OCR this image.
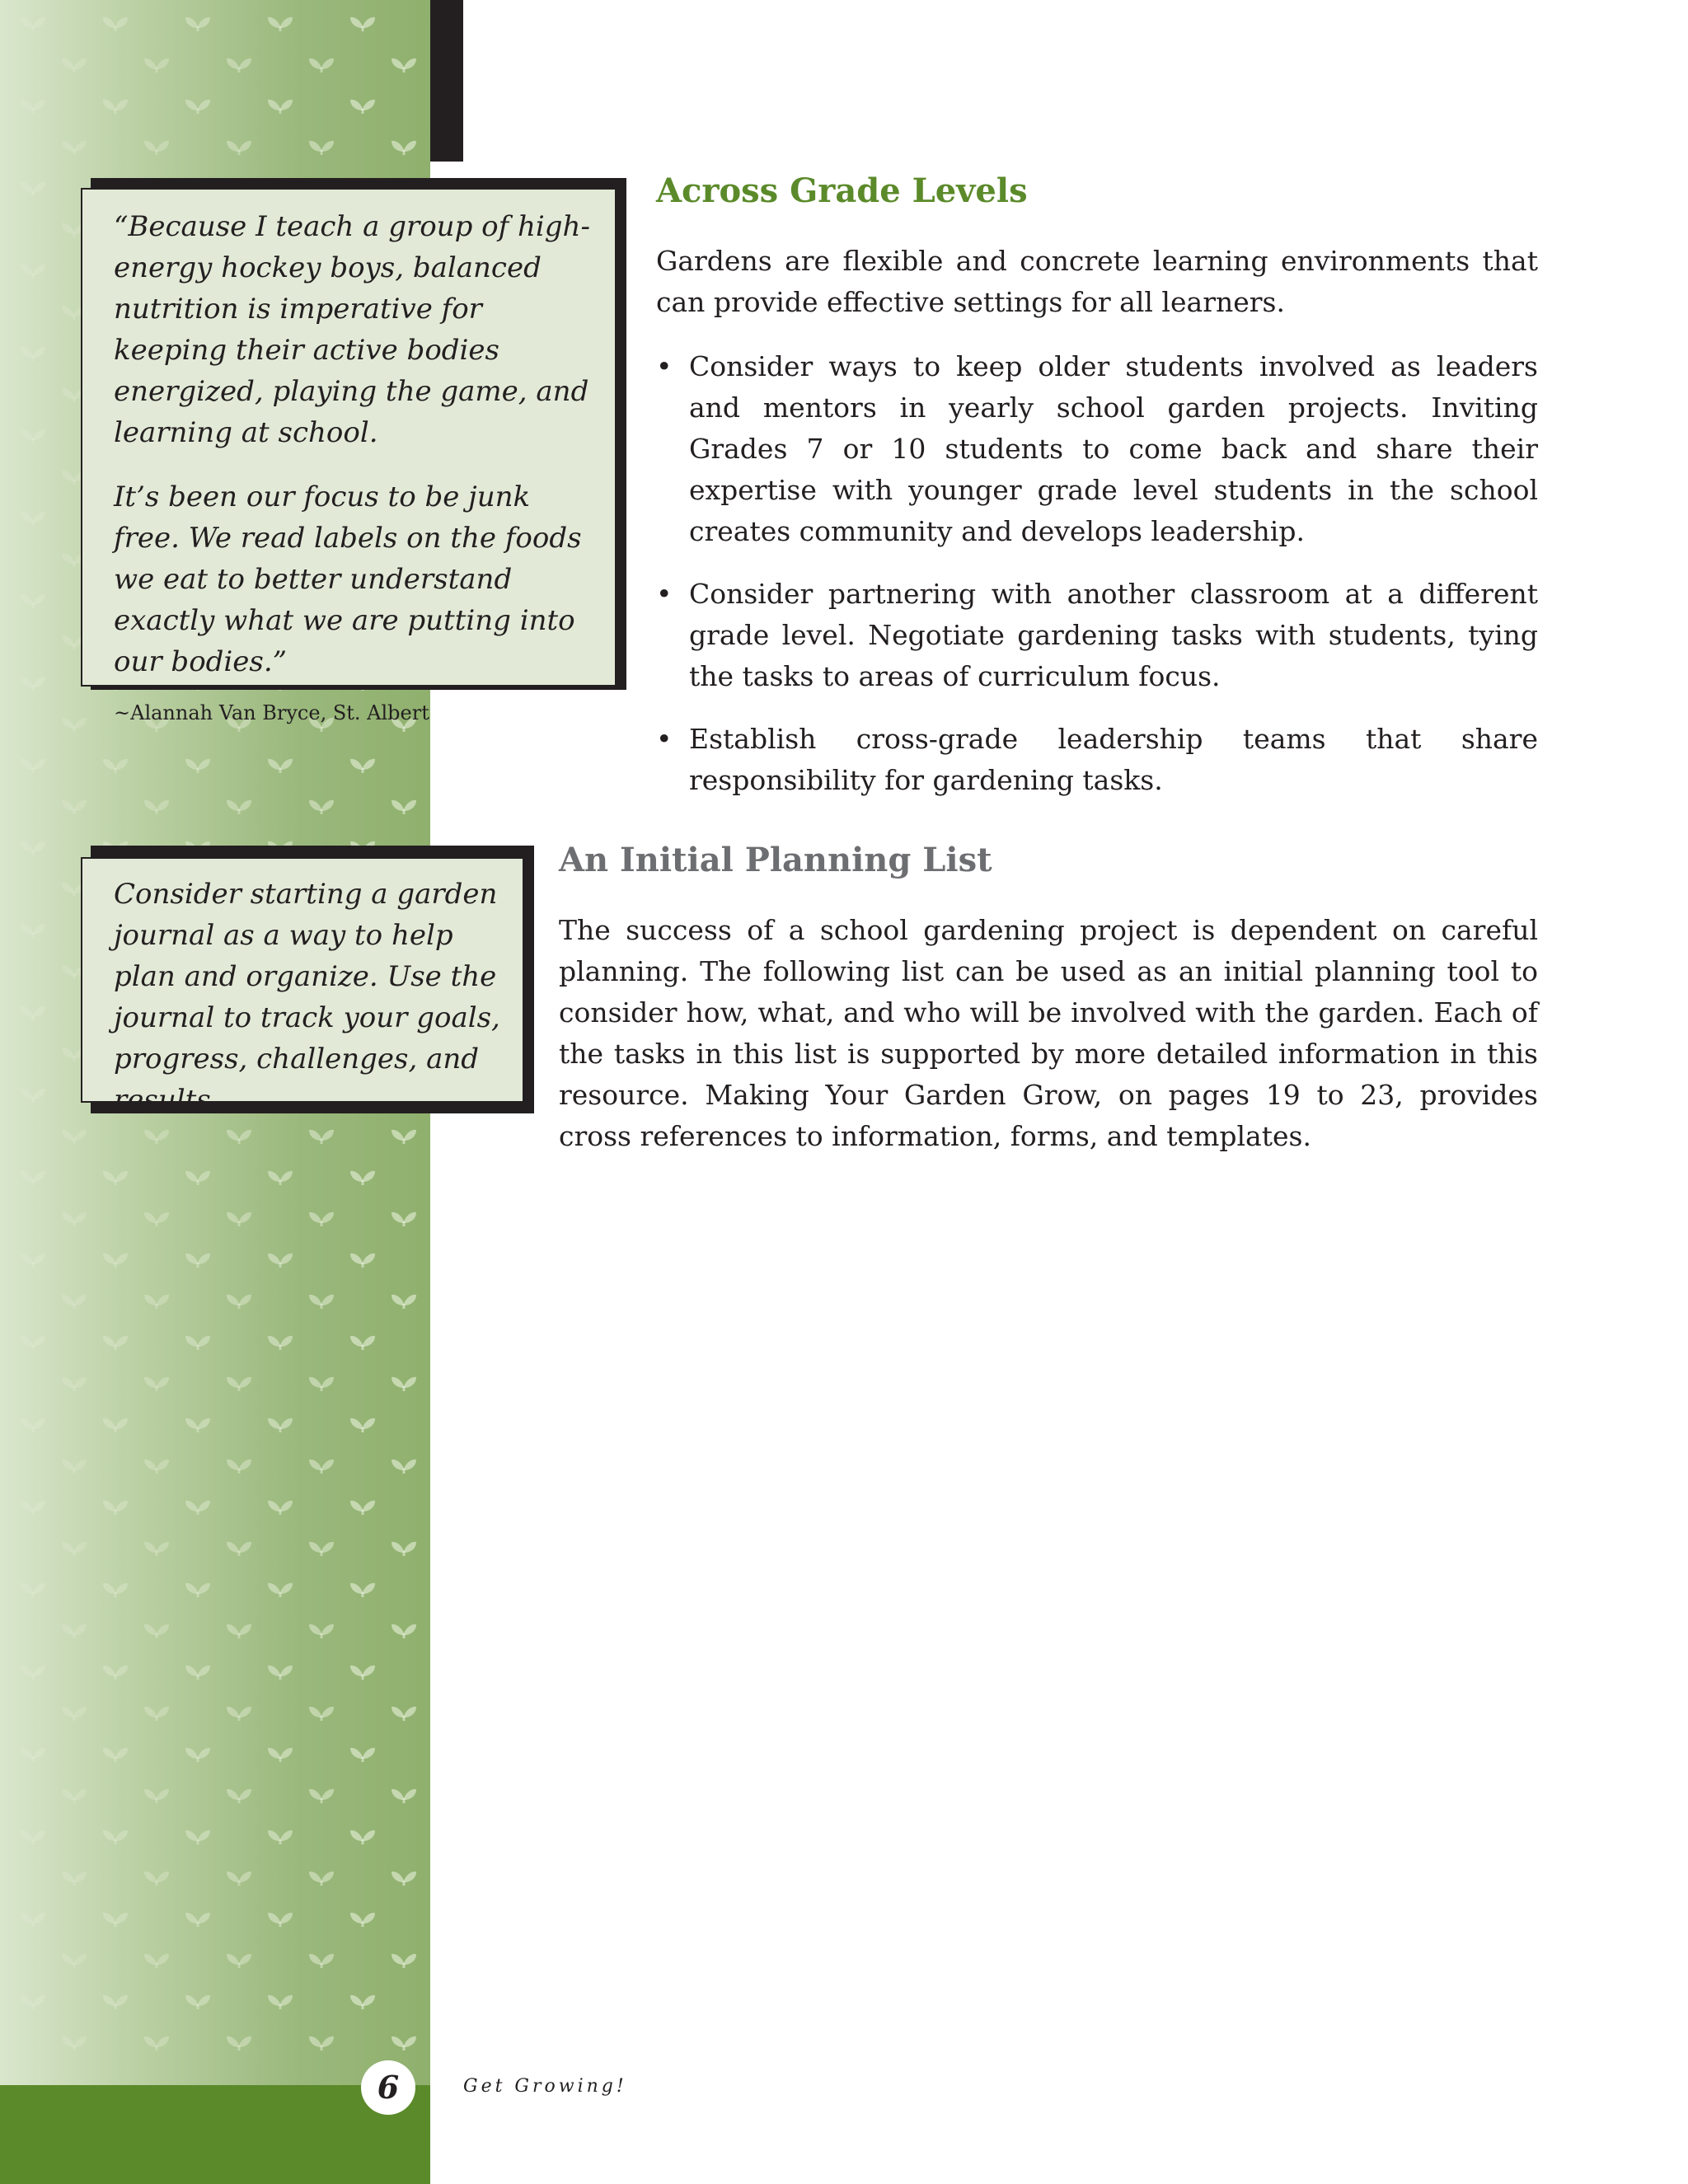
“Because I teach a group of high-energy hockey boys, balanced nutrition is imperative for keeping their active bodies energized, playing the game, and learning at school.

It’s been our focus to be junk free. We read labels on the foods we eat to better understand exactly what we are putting into our bodies.”

~Alannah Van Bryce, St. Albert

Consider starting a garden journal as a way to help plan and organize. Use the journal to track your goals, progress, challenges, and results.

Across Grade Levels

Gardens are flexible and concrete learning environments that can provide effective settings for all learners.

• Consider ways to keep older students involved as leaders and mentors in yearly school garden projects. Inviting Grades 7 or 10 students to come back and share their expertise with younger grade level students in the school creates community and develops leadership.
• Consider partnering with another classroom at a different grade level. Negotiate gardening tasks with students, tying the tasks to areas of curriculum focus.
• Establish cross-grade leadership teams that share responsibility for gardening tasks.
An Initial Planning List

The success of a school gardening project is dependent on careful planning. The following list can be used as an initial planning tool to consider how, what, and who will be involved with the garden. Each of the tasks in this list is supported by more detailed information in this resource. Making Your Garden Grow, on pages 19 to 23, provides cross references to information, forms, and templates.

6	Get Growing!
